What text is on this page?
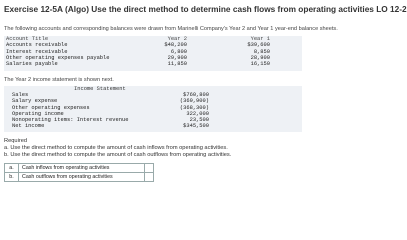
Exercise 12-5A (Algo) Use the direct method to determine cash flows from operating activities LO 12-2
The following accounts and corresponding balances were drawn from Marinelli Company's Year 2 and Year 1 year-end balance sheets.
Account Title	Year 2	Year 1
Accounts receivable	$48,200	$39,600
Interest receivable	6,800	8,850
Other operating expenses payable	29,900	28,900
Salaries payable	11,850	16,150
The Year 2 income statement is shown next.
Income Statement
Sales	$760,800
Salary expense	(369,900)
Other operating expenses	(368,300)
Operating income	322,000
Nonoperating items: Interest revenue	23,500
Net income	$345,500
Required
a. Use the direct method to compute the amount of cash inflows from operating activities.
b. Use the direct method to compute the amount of cash outflows from operating activities.
a.	Cash inflows from operating activities	
b.	Cash outflows from operating activities	
